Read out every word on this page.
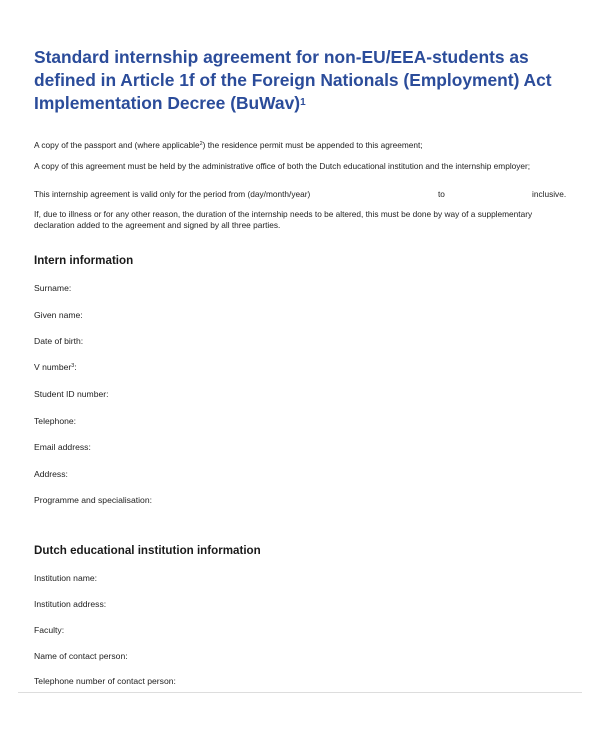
Standard internship agreement for non-EU/EEA-students as defined in Article 1f of the Foreign Nationals (Employment) Act Implementation Decree (BuWav)$^1$

A copy of the passport and (where applicable$^2$) the residence permit must be appended to this agreement;

A copy of this agreement must be held by the administrative office of both the Dutch educational institution and the internship employer;

This internship agreement is valid only for the period from (day/month/year)	to	inclusive.

If, due to illness or for any other reason, the duration of the internship needs to be altered, this must be done by way of a supplementary declaration added to the agreement and signed by all three parties.

Intern information

Surname:

Given name:

Date of birth:

V number$^3$:

Student ID number:

Telephone:

Email address:

Address:

Programme and specialisation:

Dutch educational institution information

Institution name:

Institution address:

Faculty:

Name of contact person:

Telephone number of contact person:
